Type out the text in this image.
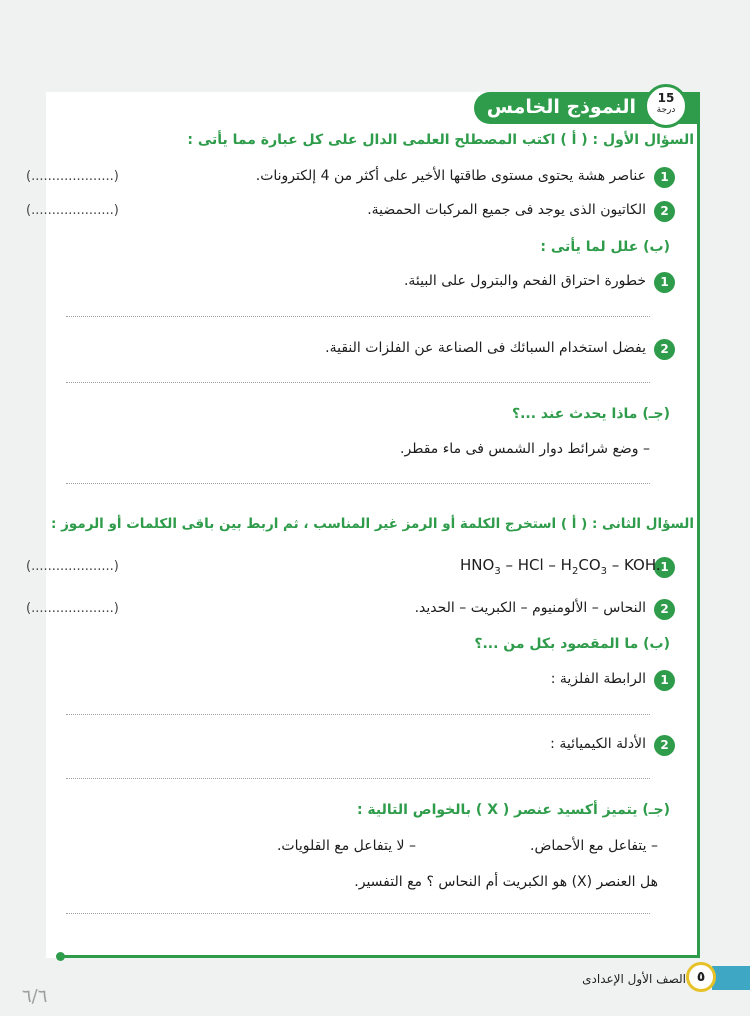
النموذج الخامس	15
درجة
السؤال الأول : ( أ ) اكتب المصطلح العلمى الدال على كل عبارة مما يأتى :
1
عناصر هشة يحتوى مستوى طاقتها الأخير على أكثر من 4 إلكترونات.
(....................)
2
الكاتيون الذى يوجد فى جميع المركبات الحمضية.
(....................)
(ب) علل لما يأتى :
1
خطورة احتراق الفحم والبترول على البيئة.
2
يفضل استخدام السبائك فى الصناعة عن الفلزات النقية.
(جـ) ماذا يحدث عند ...؟
– وضع شرائط دوار الشمس فى ماء مقطر.
السؤال الثانى : ( أ ) استخرج الكلمة أو الرمز غير المناسب ، ثم اربط بين باقى الكلمات أو الرموز :
1
$HNO_3$ – HCl – $H_2CO_3$ – KOH.
(....................)
2
النحاس – الألومنيوم – الكبريت – الحديد.
(....................)
(ب) ما المقصود بكل من ...؟
1
الرابطة الفلزية :
2
الأدلة الكيميائية :
(جـ) يتميز أكسيد عنصر ( X ) بالخواص التالية :
– يتفاعل مع الأحماض.
– لا يتفاعل مع القلويات.
هل العنصر (X) هو الكبريت أم النحاس ؟ مع التفسير.
الصف الأول الإعدادى ٥
٦/٦
